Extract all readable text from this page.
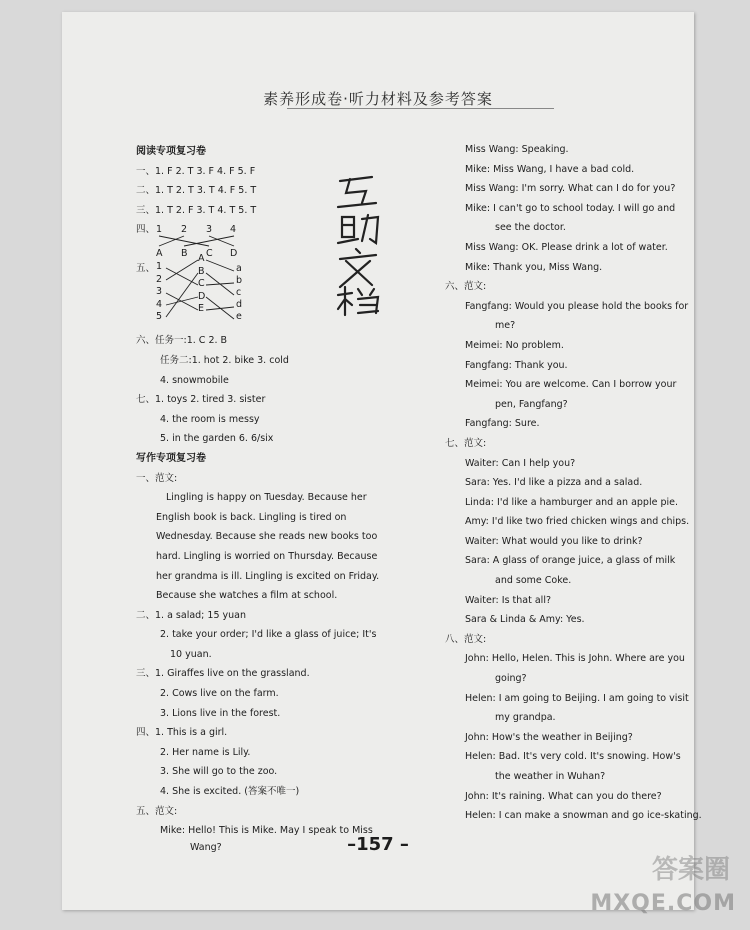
素养形成卷·听力材料及参考答案
阅读专项复习卷
一、1. F 2. T 3. F 4. F 5. F
二、1. T 2. T 3. T 4. F 5. T
三、1. T 2. F 3. T 4. T 5. T
四、 1 2 3 4
A B C D
五、 1
2
3
4
5
A
B
C
D
E
a
b
c
d
e
六、任务一:1. C 2. B
任务二:1. hot 2. bike 3. cold
4. snowmobile
七、1. toys 2. tired 3. sister
4. the room is messy
5. in the garden 6. 6/six
写作专项复习卷
一、范文:
Lingling is happy on Tuesday. Because her
English book is back. Lingling is tired on
Wednesday. Because she reads new books too
hard. Lingling is worried on Thursday. Because
her grandma is ill. Lingling is excited on Friday.
Because she watches a film at school.
二、1. a salad; 15 yuan
2. take your order; I'd like a glass of juice; It's
10 yuan.
三、1. Giraffes live on the grassland.
2. Cows live on the farm.
3. Lions live in the forest.
四、1. This is a girl.
2. Her name is Lily.
3. She will go to the zoo.
4. She is excited. (答案不唯一)
五、范文:
Mike: Hello! This is Mike. May I speak to Miss
Wang?
Miss Wang: Speaking.
Mike: Miss Wang, I have a bad cold.
Miss Wang: I'm sorry. What can I do for you?
Mike: I can't go to school today. I will go and
see the doctor.
Miss Wang: OK. Please drink a lot of water.
Mike: Thank you, Miss Wang.
六、范文:
Fangfang: Would you please hold the books for
me?
Meimei: No problem.
Fangfang: Thank you.
Meimei: You are welcome. Can I borrow your
pen, Fangfang?
Fangfang: Sure.
七、范文:
Waiter: Can I help you?
Sara: Yes. I'd like a pizza and a salad.
Linda: I'd like a hamburger and an apple pie.
Amy: I'd like two fried chicken wings and chips.
Waiter: What would you like to drink?
Sara: A glass of orange juice, a glass of milk
and some Coke.
Waiter: Is that all?
Sara & Linda & Amy: Yes.
八、范文:
John: Hello, Helen. This is John. Where are you
going?
Helen: I am going to Beijing. I am going to visit
my grandpa.
John: How's the weather in Beijing?
Helen: Bad. It's very cold. It's snowing. How's
the weather in Wuhan?
John: It's raining. What can you do there?
Helen: I can make a snowman and go ice-skating.
–157 –
答案圈
MXQE.COM
